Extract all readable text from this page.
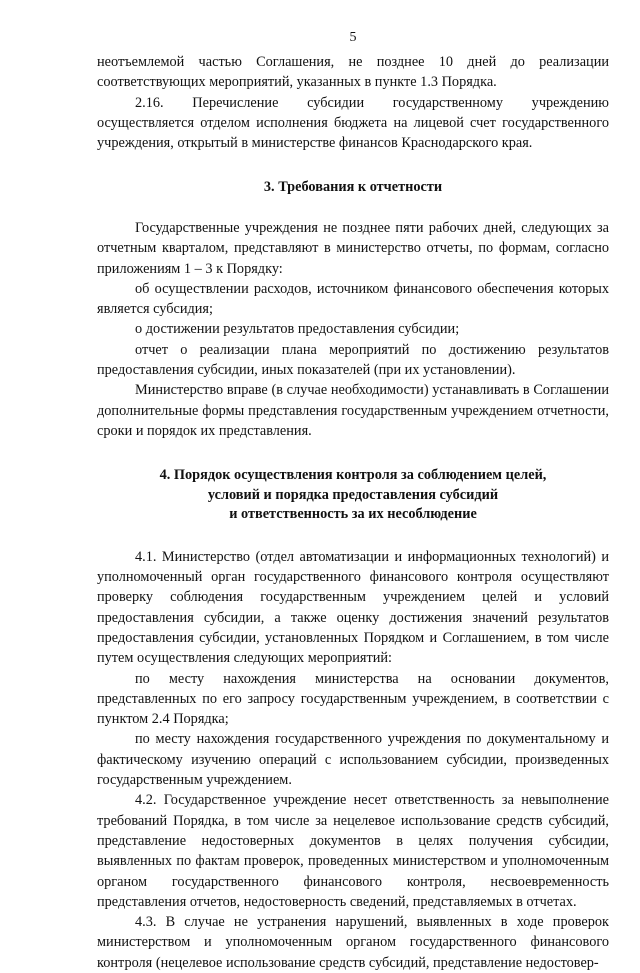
5

неотъемлемой частью Соглашения, не позднее 10 дней до реализации соответствующих мероприятий, указанных в пункте 1.3 Порядка.

2.16. Перечисление субсидии государственному учреждению осуществляется отделом исполнения бюджета на лицевой счет государственного учреждения, открытый в министерстве финансов Краснодарского края.

3. Требования к отчетности

Государственные учреждения не позднее пяти рабочих дней, следующих за отчетным кварталом, представляют в министерство отчеты, по формам, согласно приложениям 1 – 3 к Порядку:

об осуществлении расходов, источником финансового обеспечения которых является субсидия;

о достижении результатов предоставления субсидии;

отчет о реализации плана мероприятий по достижению результатов предоставления субсидии, иных показателей (при их установлении).

Министерство вправе (в случае необходимости) устанавливать в Соглашении дополнительные формы представления государственным учреждением отчетности, сроки и порядок их представления.

4. Порядок осуществления контроля за соблюдением целей,

условий и порядка предоставления субсидий

и ответственность за их несоблюдение

4.1. Министерство (отдел автоматизации и информационных технологий) и уполномоченный орган государственного финансового контроля осуществляют проверку соблюдения государственным учреждением целей и условий предоставления субсидии, а также оценку достижения значений результатов предоставления субсидии, установленных Порядком и Соглашением, в том числе путем осуществления следующих мероприятий:

по месту нахождения министерства на основании документов, представленных по его запросу государственным учреждением, в соответствии с пунктом 2.4 Порядка;

по месту нахождения государственного учреждения по документальному и фактическому изучению операций с использованием субсидии, произведенных государственным учреждением.

4.2. Государственное учреждение несет ответственность за невыполнение требований Порядка, в том числе за нецелевое использование средств субсидий, представление недостоверных документов в целях получения субсидии, выявленных по фактам проверок, проведенных министерством и уполномоченным органом государственного финансового контроля, несвоевременность представления отчетов, недостоверность сведений, представляемых в отчетах.

4.3. В случае не устранения нарушений, выявленных в ходе проверок министерством и уполномоченным органом государственного финансового контроля (нецелевое использование средств субсидий, представление недостовер-
